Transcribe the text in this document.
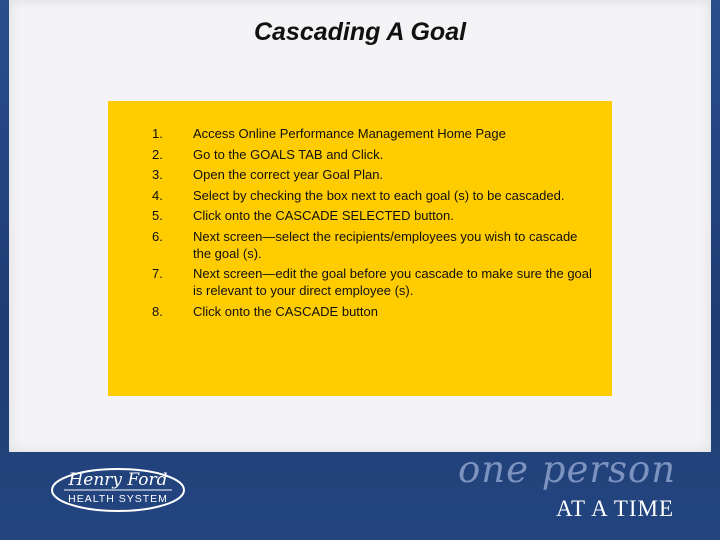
Cascading A Goal
1. Access Online Performance Management Home Page
2. Go to the GOALS TAB and Click.
3. Open the correct year Goal Plan.
4. Select by checking the box next to each goal (s) to be cascaded.
5. Click onto the CASCADE SELECTED button.
6. Next screen—select the recipients/employees you wish to cascade the goal (s).
7. Next screen—edit the goal before you cascade to make sure the goal is relevant to your direct employee (s).
8. Click onto the CASCADE button
Henry Ford
HEALTH SYSTEM
one person
AT A TIME
